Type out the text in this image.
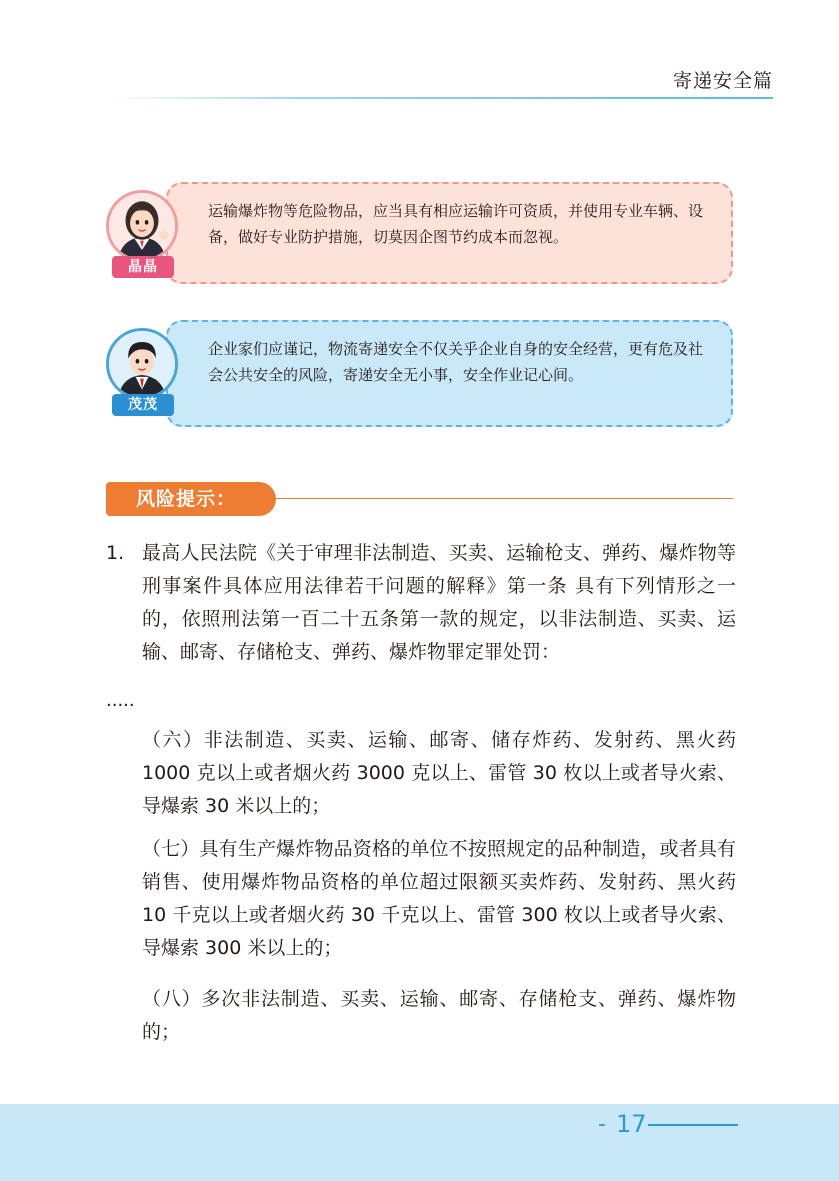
寄递安全篇
晶晶
运输爆炸物等危险物品，应当具有相应运输许可资质，并使用专业车辆、设备，做好专业防护措施，切莫因企图节约成本而忽视。
茂茂
企业家们应谨记，物流寄递安全不仅关乎企业自身的安全经营，更有危及社会公共安全的风险，寄递安全无小事，安全作业记心间。
风险提示：
1. 最高人民法院《关于审理非法制造、买卖、运输枪支、弹药、爆炸物等刑事案件具体应用法律若干问题的解释》第一条 具有下列情形之一的，依照刑法第一百二十五条第一款的规定，以非法制造、买卖、运输、邮寄、存储枪支、弹药、爆炸物罪定罪处罚：
.....
（六）非法制造、买卖、运输、邮寄、储存炸药、发射药、黑火药 1000 克以上或者烟火药 3000 克以上、雷管 30 枚以上或者导火索、导爆索 30 米以上的；
（七）具有生产爆炸物品资格的单位不按照规定的品种制造，或者具有销售、使用爆炸物品资格的单位超过限额买卖炸药、发射药、黑火药 10 千克以上或者烟火药 30 千克以上、雷管 300 枚以上或者导火索、导爆索 300 米以上的；
（八）多次非法制造、买卖、运输、邮寄、存储枪支、弹药、爆炸物的；
- 17
